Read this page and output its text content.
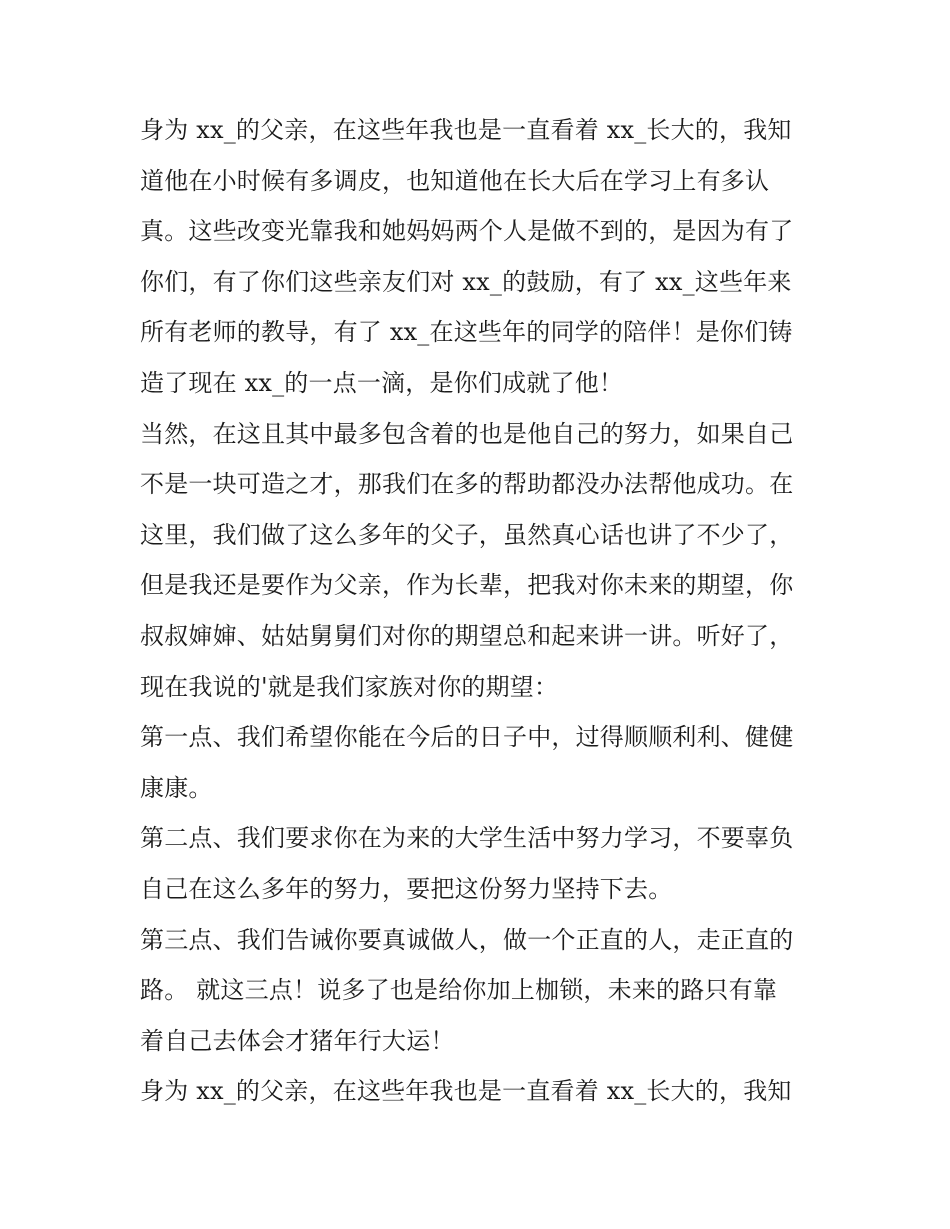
身为 xx_的父亲，在这些年我也是一直看着 xx_长大的，我知
道他在小时候有多调皮，也知道他在长大后在学习上有多认
真。这些改变光靠我和她妈妈两个人是做不到的，是因为有了
你们，有了你们这些亲友们对 xx_的鼓励，有了 xx_这些年来
所有老师的教导，有了 xx_在这些年的同学的陪伴！是你们铸
造了现在 xx_的一点一滴，是你们成就了他！
当然，在这且其中最多包含着的也是他自己的努力，如果自己
不是一块可造之才，那我们在多的帮助都没办法帮他成功。在
这里，我们做了这么多年的父子，虽然真心话也讲了不少了，
但是我还是要作为父亲，作为长辈，把我对你未来的期望，你
叔叔婶婶、姑姑舅舅们对你的期望总和起来讲一讲。听好了，
现在我说的'就是我们家族对你的期望：
第一点、我们希望你能在今后的日子中，过得顺顺利利、健健
康康。
第二点、我们要求你在为来的大学生活中努力学习，不要辜负
自己在这么多年的努力，要把这份努力坚持下去。
第三点、我们告诫你要真诚做人，做一个正直的人，走正直的
路。 就这三点！说多了也是给你加上枷锁，未来的路只有靠
着自己去体会才猪年行大运！
身为 xx_的父亲，在这些年我也是一直看着 xx_长大的，我知
